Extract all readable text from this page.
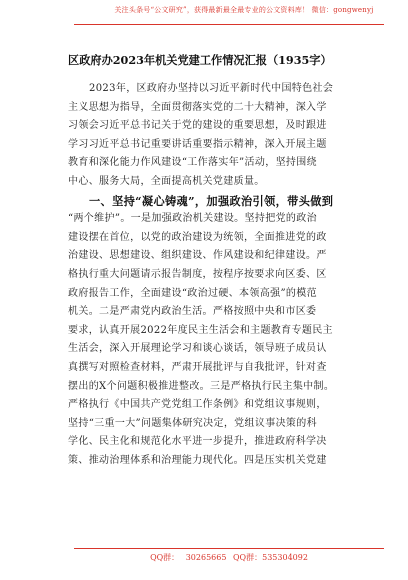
关注头条号“公文研究”，获得最新最全最专业的公文资料库！ 微信：gongwenyj
区政府办2023年机关党建工作情况汇报（1935字）
2023年，区政府办坚持以习近平新时代中国特色社会
主义思想为指导，全面贯彻落实党的二十大精神，深入学
习领会习近平总书记关于党的建设的重要思想，及时跟进
学习习近平总书记重要讲话重要指示精神，深入开展主题
教育和深化能力作风建设“工作落实年”活动，坚持围绕
中心、服务大局，全面提高机关党建质量。
一、坚持“凝心铸魂”，加强政治引领，带头做到
“两个维护”。一是加强政治机关建设。坚持把党的政治
建设摆在首位，以党的政治建设为统领，全面推进党的政
治建设、思想建设、组织建设、作风建设和纪律建设。严
格执行重大问题请示报告制度，按程序按要求向区委、区
政府报告工作，全面建设“政治过硬、本领高强”的模范
机关。二是严肃党内政治生活。严格按照中央和市区委
要求，认真开展2022年度民主生活会和主题教育专题民主
生活会，深入开展理论学习和谈心谈话，领导班子成员认
真撰写对照检查材料，严肃开展批评与自我批评，针对查
摆出的X个问题积极推进整改。三是严格执行民主集中制。
严格执行《中国共产党党组工作条例》和党组议事规则，
坚持“三重一大”问题集体研究决定，党组议事决策的科
学化、民主化和规范化水平进一步提升，推进政府科学决
策、推动治理体系和治理能力现代化。四是压实机关党建
QQ群： 30265665 QQ群：535304092
